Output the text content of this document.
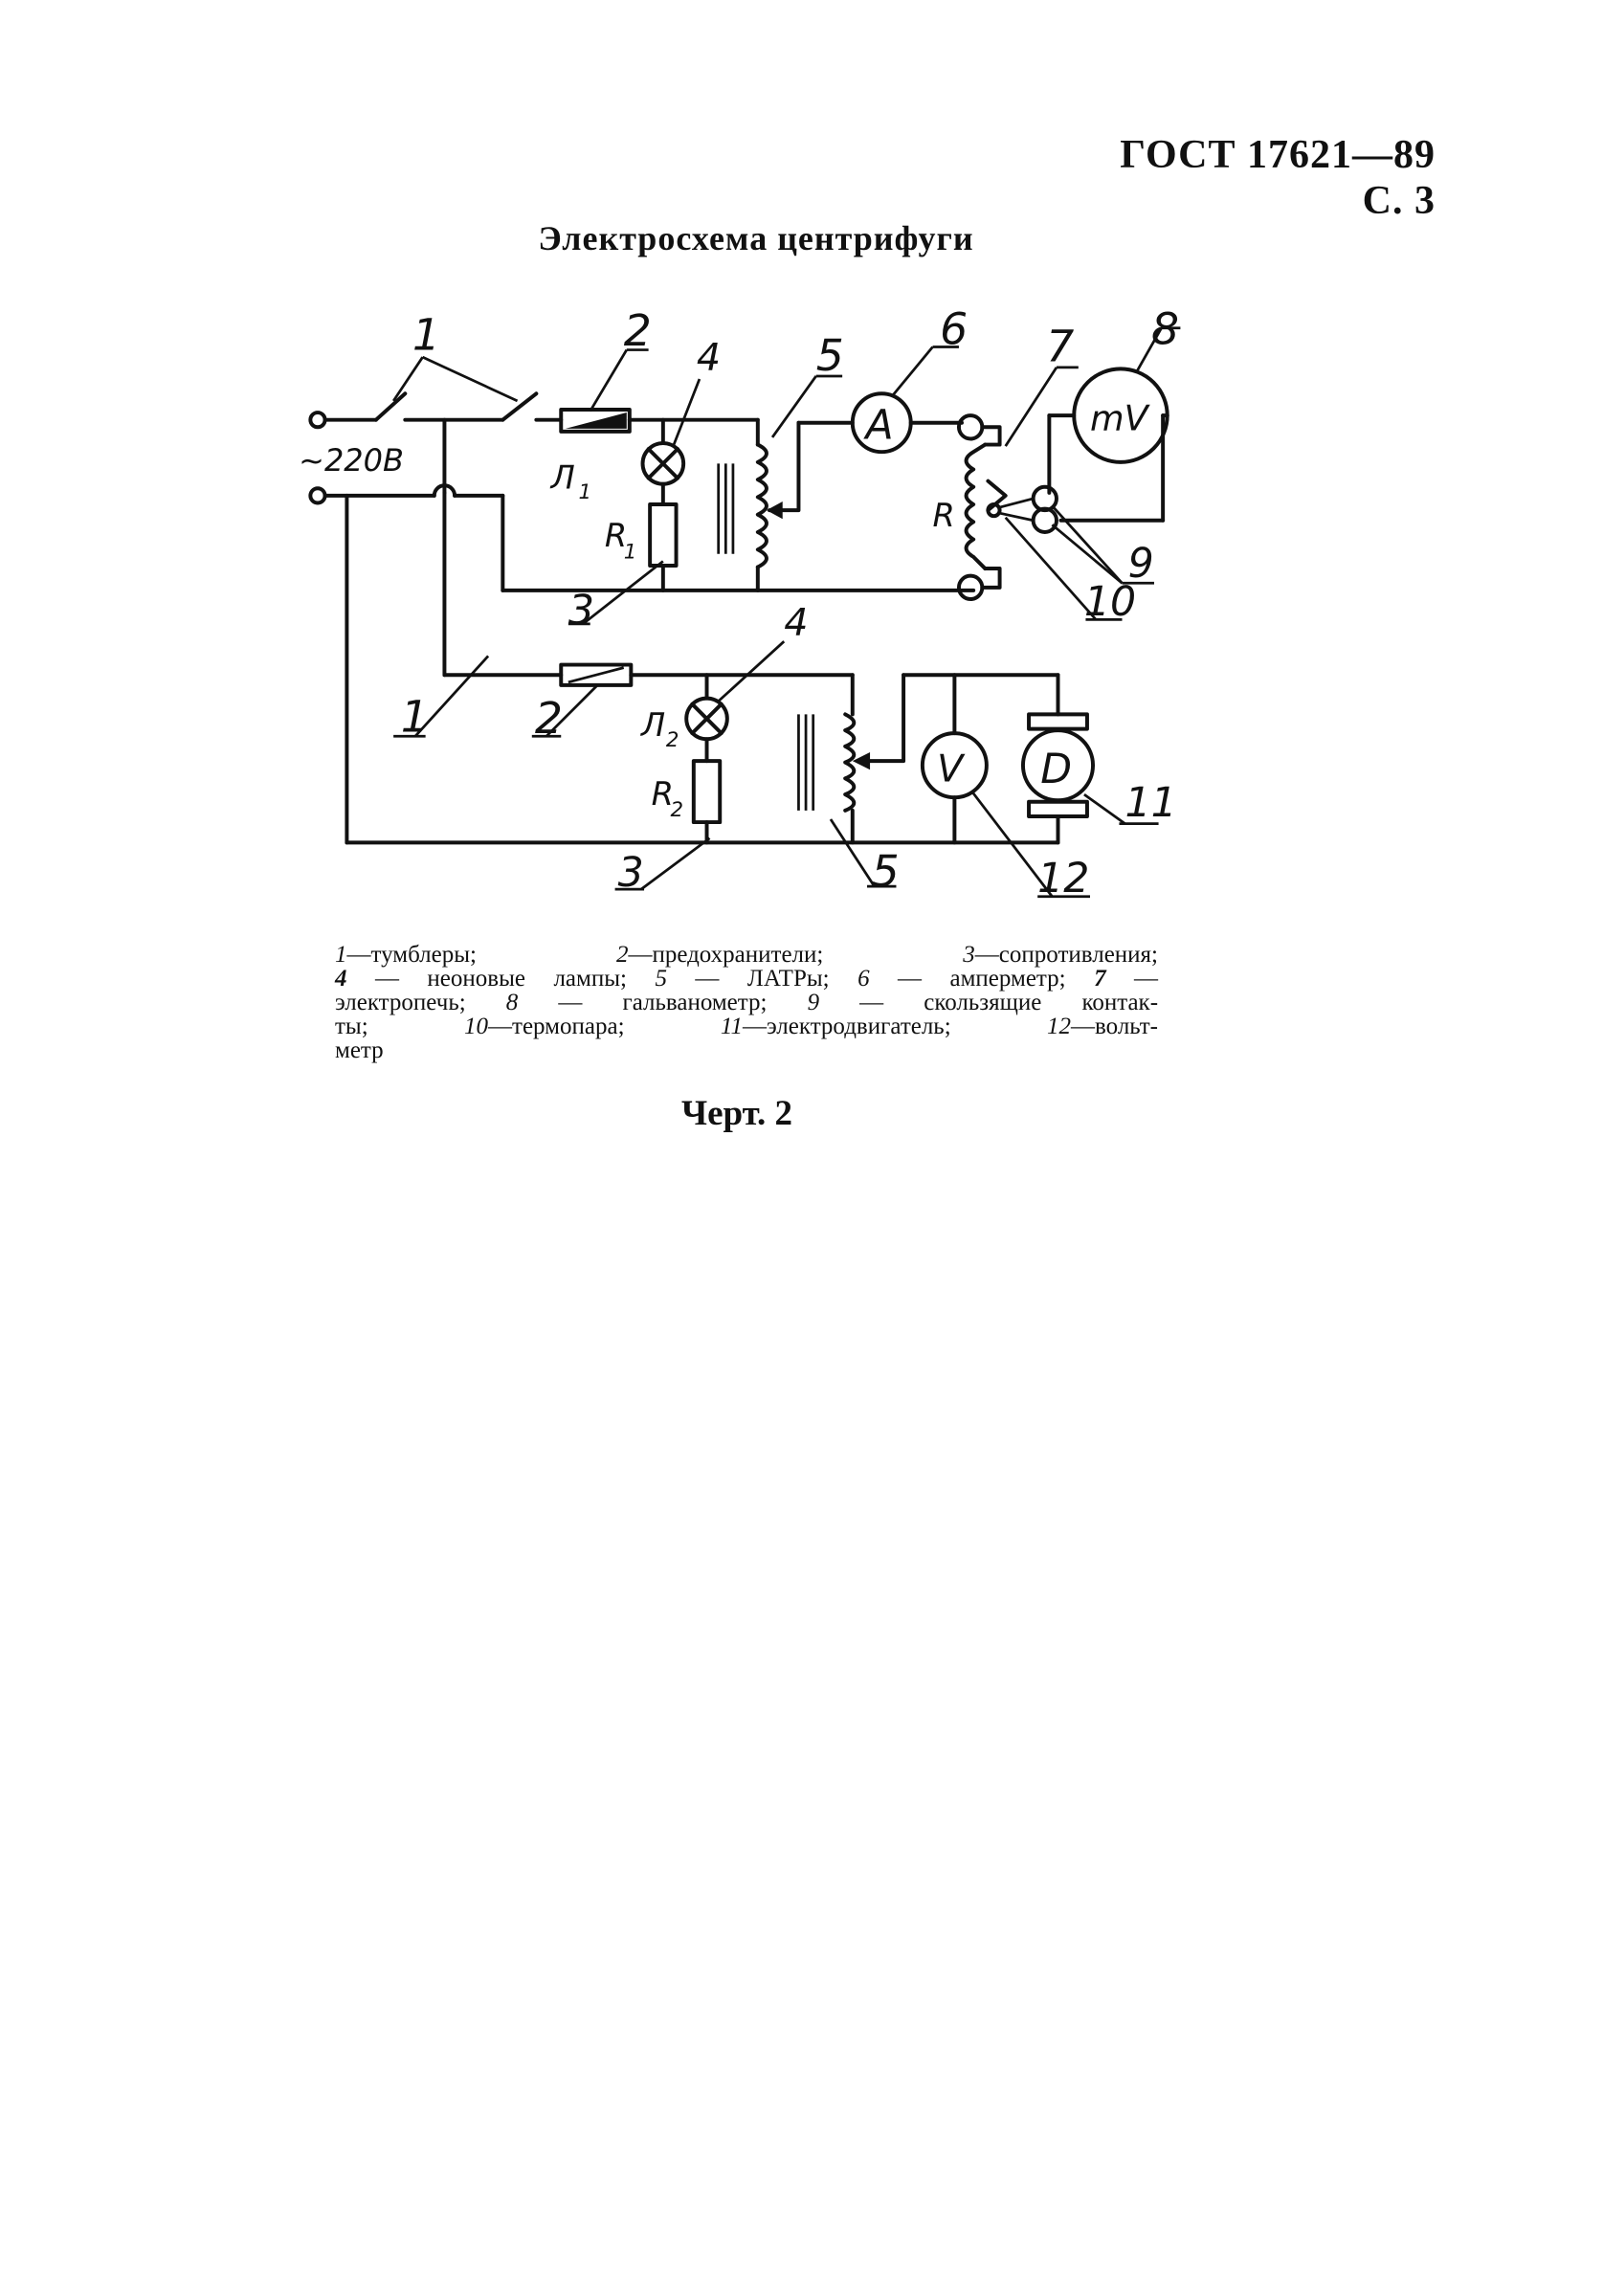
ГОСТ 17621—89 С. 3
Электросхема центрифуги
~220В
1	2
Л 1
R
1
4
3
5
A
6
R
7
mV
8
9
10
1	2	Л 2
R
2
4
3	5
V	D
11
12
1—тумблеры;	2—предохранители;	3—сопротивления;
4 — неоновые лампы; 5 — ЛАТРы; 6 — амперметр; 7 —
электропечь; 8 — гальванометр; 9 — скользящие контак-
ты;	10—термопара;	11—электродвигатель;	12—вольт-
метр
Черт. 2
